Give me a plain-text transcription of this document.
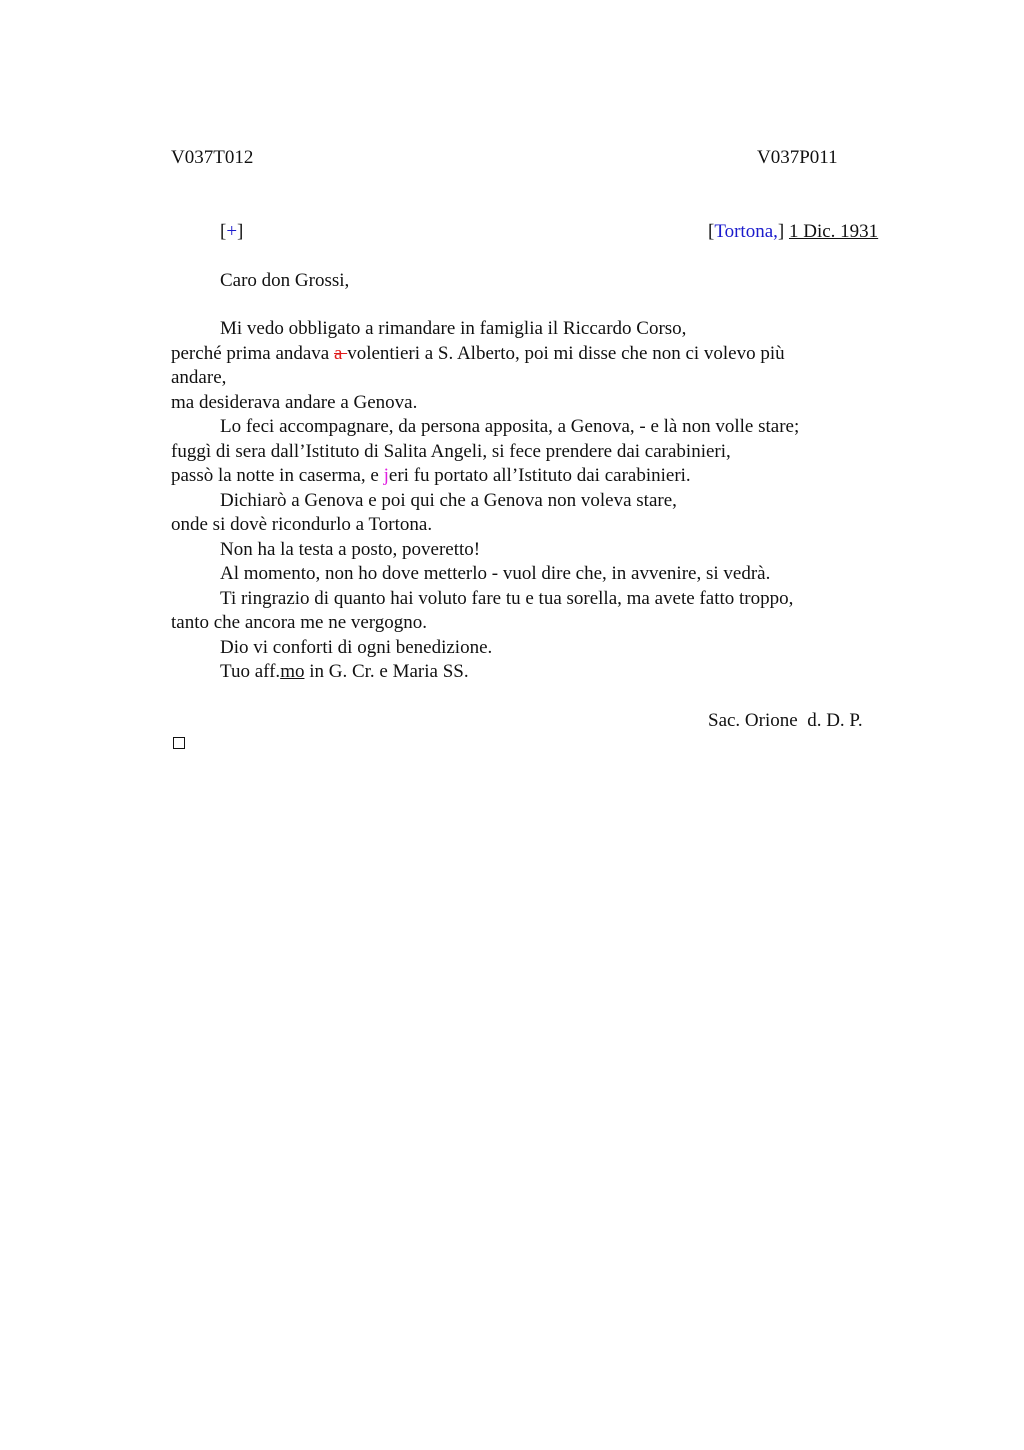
V037T012	V037P011
[+]	[Tortona,] 1 Dic. 1931
Caro don Grossi,
Mi vedo obbligato a rimandare in famiglia il Riccardo Corso,
perché prima andava a volentieri a S. Alberto, poi mi disse che non ci volevo più
andare,
ma desiderava andare a Genova.
Lo feci accompagnare, da persona apposita, a Genova, - e là non volle stare;
fuggì di sera dall’Istituto di Salita Angeli, si fece prendere dai carabinieri,
passò la notte in caserma, e jeri fu portato all’Istituto dai carabinieri.
Dichiarò a Genova e poi qui che a Genova non voleva stare,
onde si dovè ricondurlo a Tortona.
Non ha la testa a posto, poveretto!
Al momento, non ho dove metterlo - vuol dire che, in avvenire, si vedrà.
Ti ringrazio di quanto hai voluto fare tu e tua sorella, ma avete fatto troppo,
tanto che ancora me ne vergogno.
Dio vi conforti di ogni benedizione.
Tuo aff.mo in G. Cr. e Maria SS.
Sac. Orione  d. D. P.
